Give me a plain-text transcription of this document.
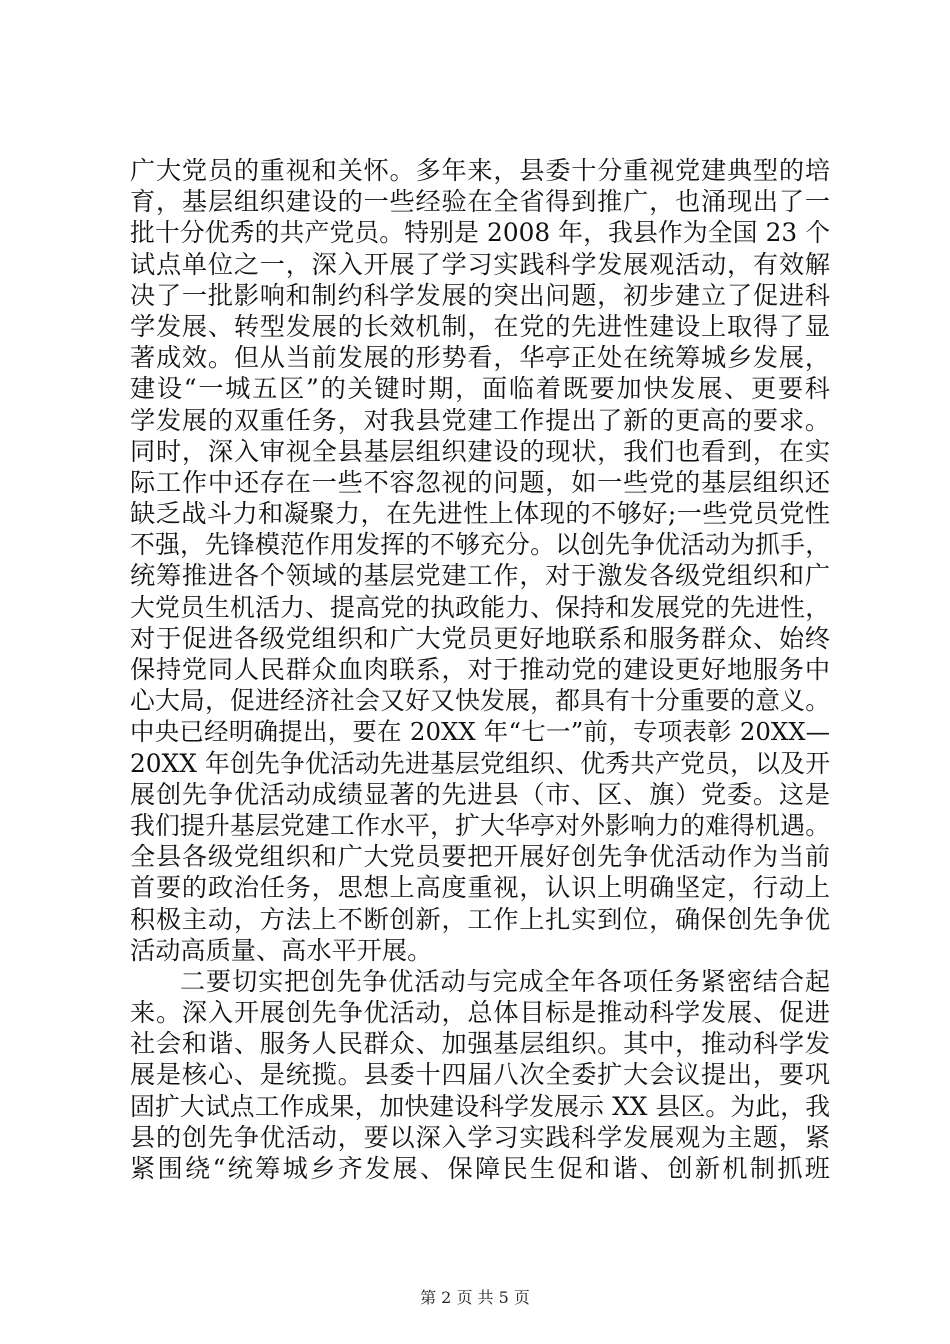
广大党员的重视和关怀。多年来，县委十分重视党建典型的培
育，基层组织建设的一些经验在全省得到推广，也涌现出了一
批十分优秀的共产党员。特别是 2008 年，我县作为全国 23 个
试点单位之一，深入开展了学习实践科学发展观活动，有效解
决了一批影响和制约科学发展的突出问题，初步建立了促进科
学发展、转型发展的长效机制，在党的先进性建设上取得了显
著成效。但从当前发展的形势看，华亭正处在统筹城乡发展，
建设“一城五区”的关键时期，面临着既要加快发展、更要科
学发展的双重任务，对我县党建工作提出了新的更高的要求。
同时，深入审视全县基层组织建设的现状，我们也看到，在实
际工作中还存在一些不容忽视的问题，如一些党的基层组织还
缺乏战斗力和凝聚力，在先进性上体现的不够好;一些党员党性
不强，先锋模范作用发挥的不够充分。以创先争优活动为抓手，
统筹推进各个领域的基层党建工作，对于激发各级党组织和广
大党员生机活力、提高党的执政能力、保持和发展党的先进性，
对于促进各级党组织和广大党员更好地联系和服务群众、始终
保持党同人民群众血肉联系，对于推动党的建设更好地服务中
心大局，促进经济社会又好又快发展，都具有十分重要的意义。
中央已经明确提出，要在 20XX 年“七一”前，专项表彰 20XX—
20XX 年创先争优活动先进基层党组织、优秀共产党员，以及开
展创先争优活动成绩显著的先进县（市、区、旗）党委。这是
我们提升基层党建工作水平，扩大华亭对外影响力的难得机遇。
全县各级党组织和广大党员要把开展好创先争优活动作为当前
首要的政治任务，思想上高度重视，认识上明确坚定，行动上
积极主动，方法上不断创新，工作上扎实到位，确保创先争优
活动高质量、高水平开展。
二要切实把创先争优活动与完成全年各项任务紧密结合起
来。深入开展创先争优活动，总体目标是推动科学发展、促进
社会和谐、服务人民群众、加强基层组织。其中，推动科学发
展是核心、是统揽。县委十四届八次全委扩大会议提出，要巩
固扩大试点工作成果，加快建设科学发展示 XX 县区。为此，我
县的创先争优活动，要以深入学习实践科学发展观为主题，紧
紧围绕“统筹城乡齐发展、保障民生促和谐、创新机制抓班
第 2 页 共 5 页
